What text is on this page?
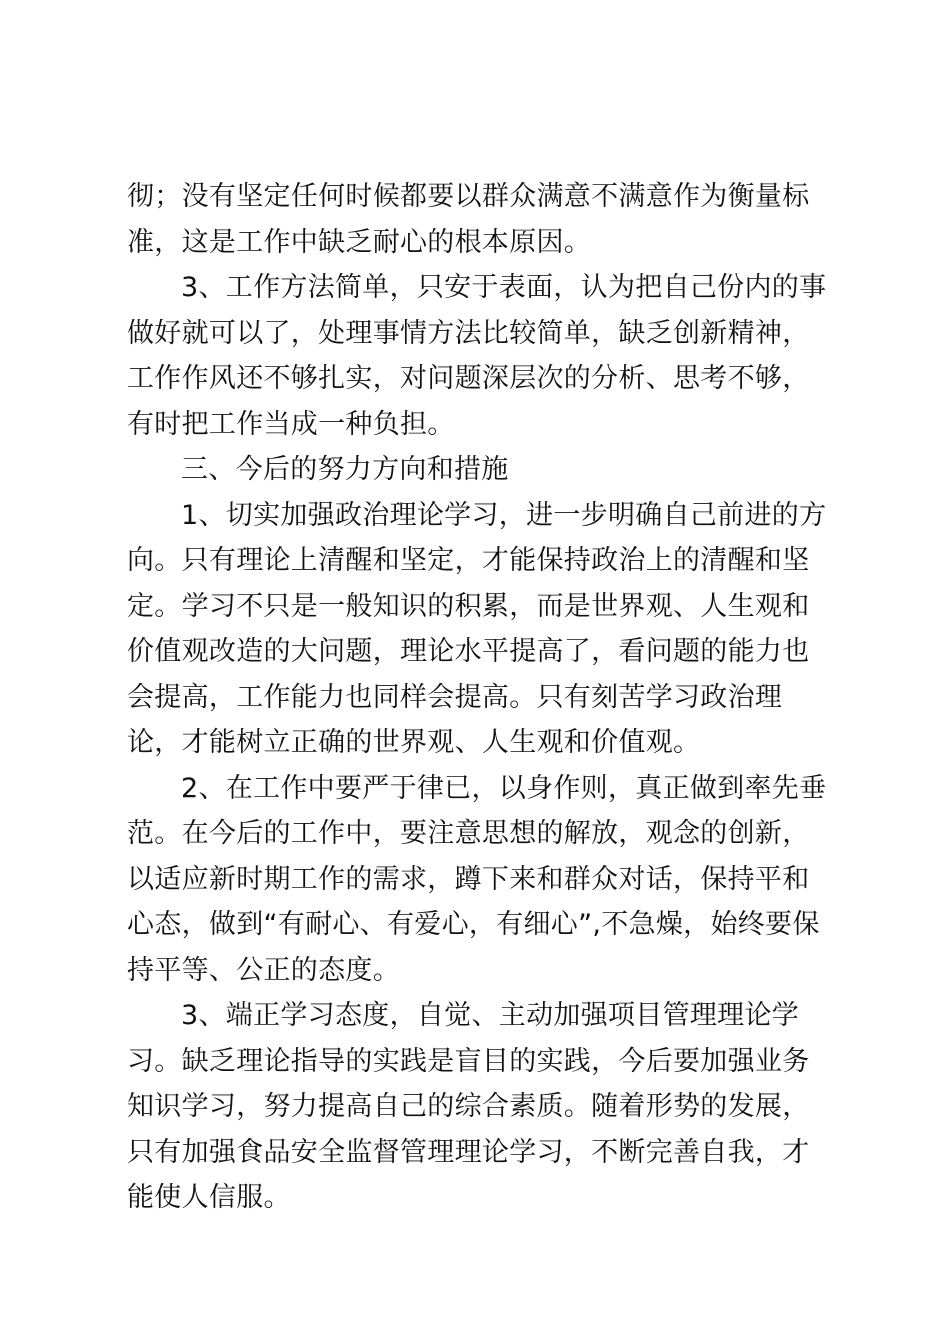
彻；没有坚定任何时候都要以群众满意不满意作为衡量标准，这是工作中缺乏耐心的根本原因。

3、工作方法简单，只安于表面，认为把自己份内的事做好就可以了，处理事情方法比较简单，缺乏创新精神，工作作风还不够扎实，对问题深层次的分析、思考不够，有时把工作当成一种负担。

三、今后的努力方向和措施

1、切实加强政治理论学习，进一步明确自己前进的方向。只有理论上清醒和坚定，才能保持政治上的清醒和坚定。学习不只是一般知识的积累，而是世界观、人生观和价值观改造的大问题，理论水平提高了，看问题的能力也会提高，工作能力也同样会提高。只有刻苦学习政治理论，才能树立正确的世界观、人生观和价值观。

2、在工作中要严于律已，以身作则，真正做到率先垂范。在今后的工作中，要注意思想的解放，观念的创新，以适应新时期工作的需求，蹲下来和群众对话，保持平和心态，做到“有耐心、有爱心，有细心”,不急燥，始终要保持平等、公正的态度。

3、端正学习态度，自觉、主动加强项目管理理论学习。缺乏理论指导的实践是盲目的实践，今后要加强业务知识学习，努力提高自己的综合素质。随着形势的发展，只有加强食品安全监督管理理论学习，不断完善自我，才能使人信服。
